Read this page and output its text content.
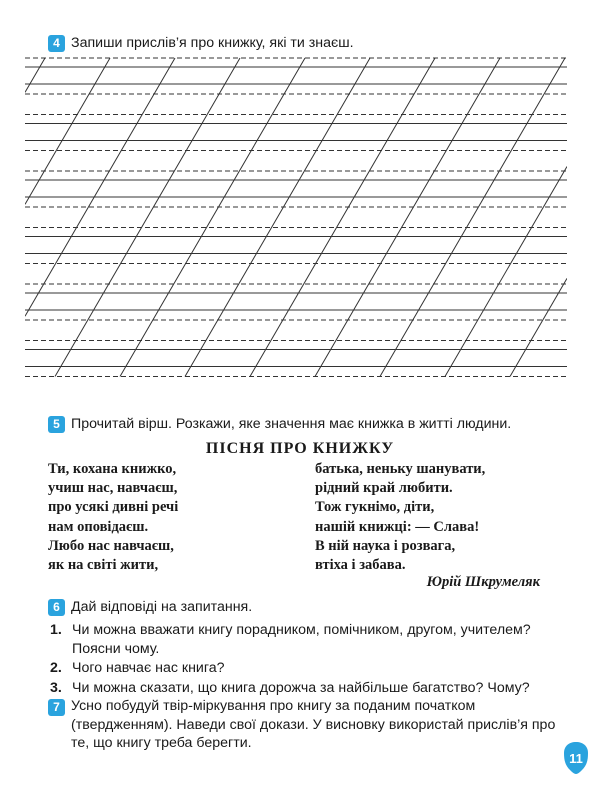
4 Запиши прислів’я про книжку, які ти знаєш.
5 Прочитай вірш. Розкажи, яке значення має книжка в житті людини.
ПІСНЯ ПРО КНИЖКУ
Ти, кохана книжко,
учиш нас, навчаєш,
про усякі дивні речі
нам оповідаєш.
Любо нас навчаєш,
як на світі жити,
батька, неньку шанувати,
рідний край любити.
Тож гукнімо, діти,
нашій книжці: — Слава!
В ній наука і розвага,
втіха і забава.
Юрій Шкрумеляк
6 Дай відповіді на запитання.
1. Чи можна вважати книгу порадником, помічником, другом, учителем? Поясни чому.
2. Чого навчає нас книга?
3. Чи можна сказати, що книга дорожча за найбільше багатство? Чому?
7 Усно побудуй твір-міркування про книгу за поданим початком (твердженням). Наведи свої докази. У висновку використай прислів’я про те, що книгу треба берегти.
11
